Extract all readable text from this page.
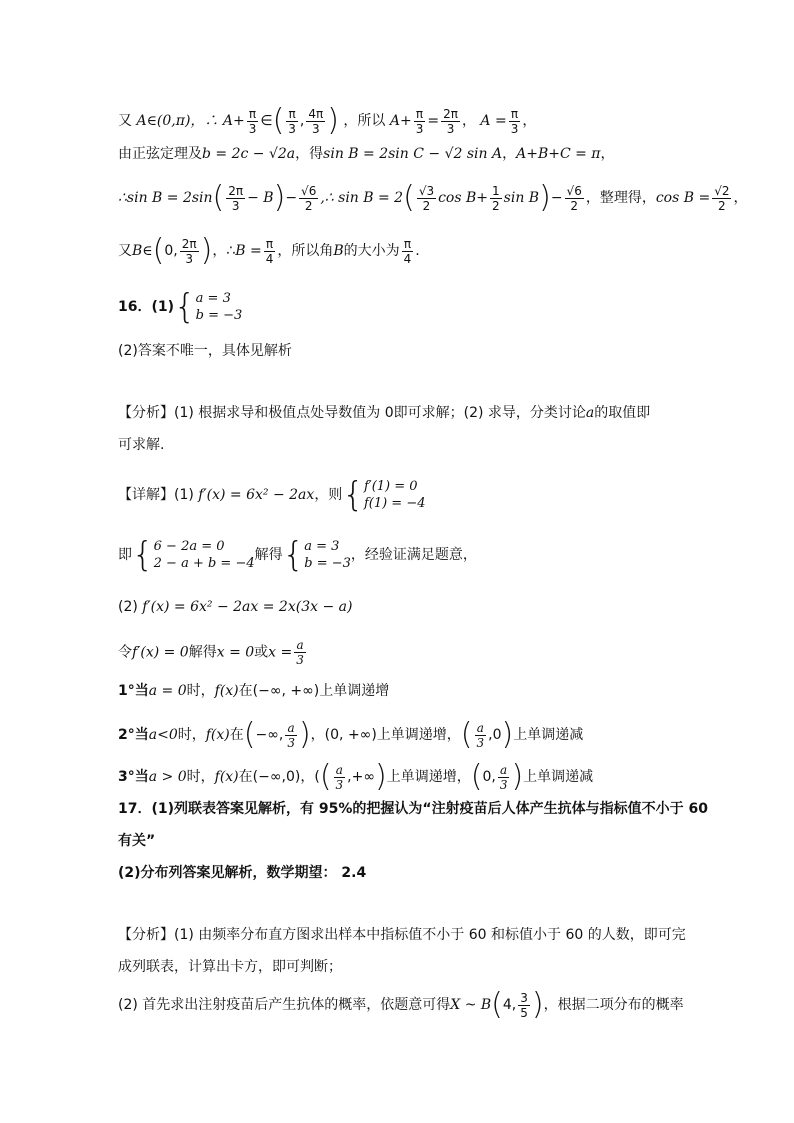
又 A∈(0,π)，∴ $A+ \frac{\pi}{3}$ ∈( $\frac{\pi}{3}$ , $\frac{4\pi}{3}$ ) ，所以 $A+ \frac{\pi}{3} = \frac{2\pi}{3}$ ， $A = \frac{\pi}{3}$ ，
由正弦定理及b = 2c − √2a，得sin B = 2sin C − √2 sin A，A+B+C = π，
∴sin $B = 2\sin( \frac{2\pi}{3} - B)- \frac{√6}{2}$ ,∴ $\sin B = 2( \frac{√3}{2}$ $\cos B+ \frac{1}{2}$ $\sin B)- \frac{√6}{2}$ ，整理得，$\cos B = \frac{√2}{2}$ ，
又B∈(0, $\frac{2\pi}{3}$ )，∴B = $\frac{\pi}{4}$ ，所以角B的大小为 $\frac{\pi}{4}$ .
16．(1){ a = 3
b = −3
(2)答案不唯一，具体见解析
【分析】(1) 根据求导和极值点处导数值为 0即可求解；(2) 求导，分类讨论a的取值即
可求解.
【详解】(1) f′(x) = 6x² − 2ax，则{ f′(1) = 0
f(1) = −4
即{ 6 − 2a = 0
2 − a + b = −4
解得{ a = 3
b = −3
，经验证满足题意，
(2) f′(x) = 6x² − 2ax = 2x(3x − a)
令f′(x) = 0解得x = 0或$x = \frac{a}{3}$
1°当a = 0时，f(x)在(−∞, +∞)上单调递增
2°当a<0时，f(x)在(−∞, $\frac{a}{3}$ )，(0, +∞)上单调递增，( $\frac{a}{3} ,0$)上单调递减
3°当a > 0时，f(x)在(−∞,0)，(( $\frac{a}{3}$ ,+∞)上单调递增，(0, $\frac{a}{3}$ )上单调递减
17．(1)列联表答案见解析，有 95%的把握认为“注射疫苗后人体产生抗体与指标值不小于 60
有关”
(2)分布列答案见解析，数学期望： 2.4
【分析】(1) 由频率分布直方图求出样本中指标值不小于 60 和标值小于 60 的人数，即可完
成列联表，计算出卡方，即可判断；
(2) 首先求出注射疫苗后产生抗体的概率，依题意可得X ~ B(4, $\frac{3}{5}$ )，根据二项分布的概率
